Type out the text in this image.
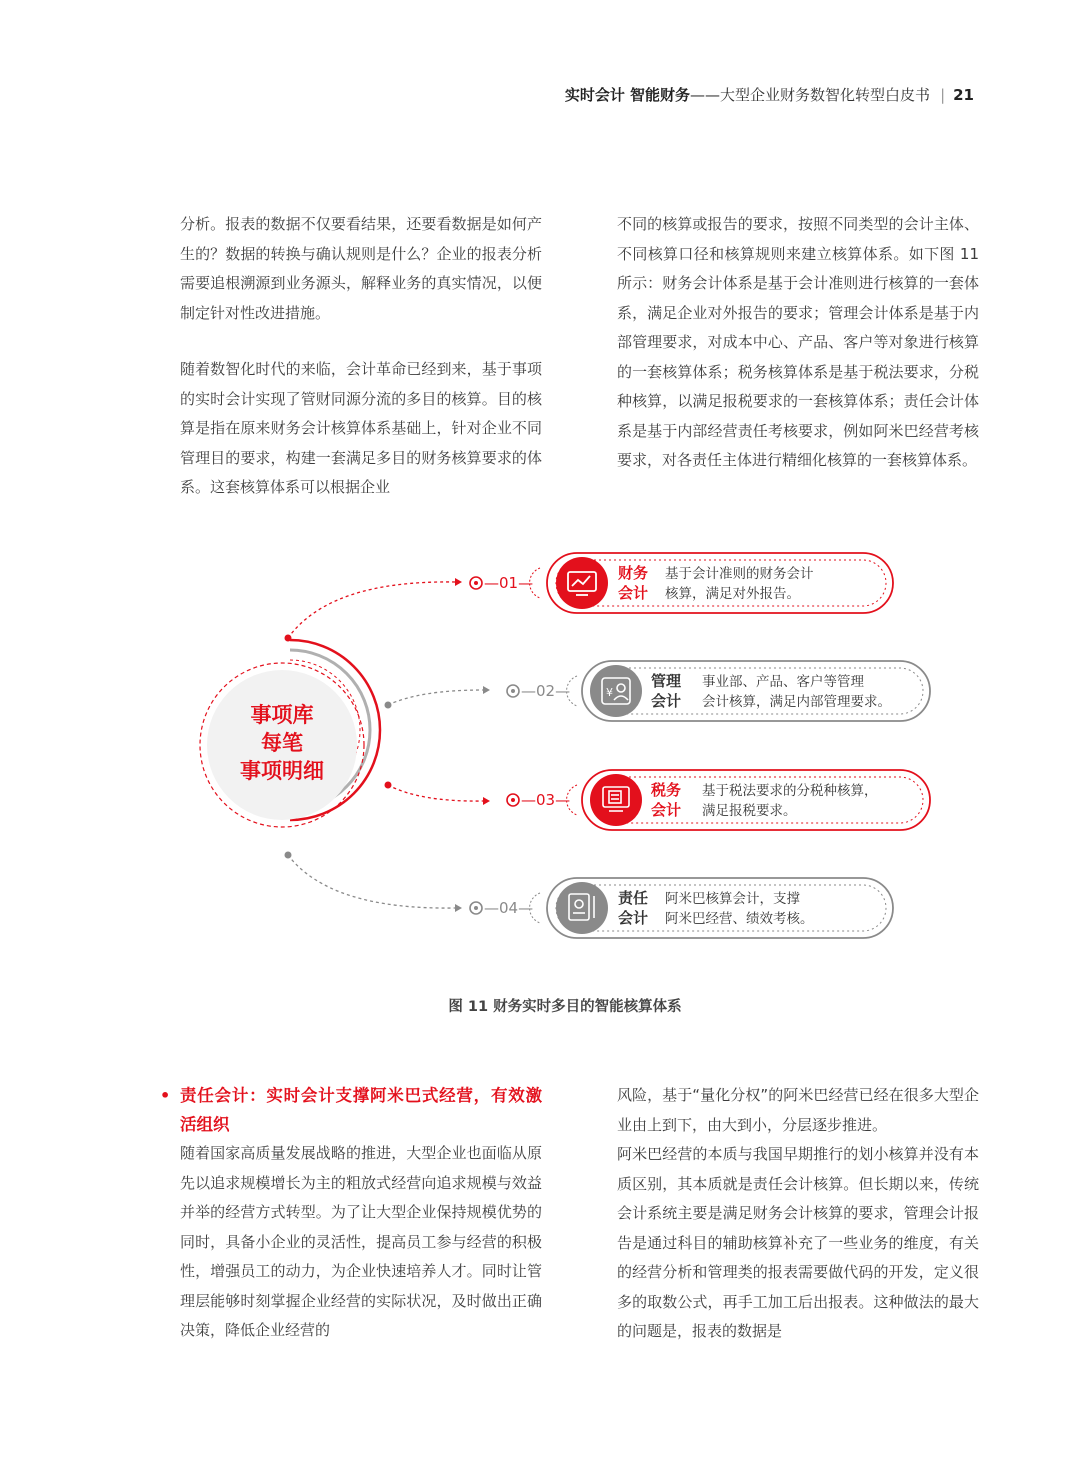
实时会计 智能财务——大型企业财务数智化转型白皮书 | 21

分析。报表的数据不仅要看结果，还要看数据是如何产生的？数据的转换与确认规则是什么？企业的报表分析需要追根溯源到业务源头，解释业务的真实情况，以便制定针对性改进措施。

随着数智化时代的来临，会计革命已经到来，基于事项的实时会计实现了管财同源分流的多目的核算。目的核算是指在原来财务会计核算体系基础上，针对企业不同管理目的要求，构建一套满足多目的财务核算要求的体系。这套核算体系可以根据企业

不同的核算或报告的要求，按照不同类型的会计主体、不同核算口径和核算规则来建立核算体系。如下图 11 所示：财务会计体系是基于会计准则进行核算的一套体系，满足企业对外报告的要求；管理会计体系是基于内部管理要求，对成本中心、产品、客户等对象进行核算的一套核算体系；税务核算体系是基于税法要求，分税种核算，以满足报税要求的一套核算体系；责任会计体系是基于内部经营责任考核要求，例如阿米巴经营考核要求，对各责任主体进行精细化核算的一套核算体系。

事项库
每笔
事项明细
—01—
财务
会计
基于会计准则的财务会计
核算，满足对外报告。
—02—	¥
管理
会计
事业部、产品、客户等管理
会计核算，满足内部管理要求。
—03—
税务
会计
基于税法要求的分税种核算，
满足报税要求。
—04—
责任
会计
阿米巴核算会计，支撑
阿米巴经营、绩效考核。
图 11 财务实时多目的智能核算体系
• 责任会计：实时会计支撑阿米巴式经营，有效激活组织

随着国家高质量发展战略的推进，大型企业也面临从原先以追求规模增长为主的粗放式经营向追求规模与效益并举的经营方式转型。为了让大型企业保持规模优势的同时，具备小企业的灵活性，提高员工参与经营的积极性，增强员工的动力，为企业快速培养人才。同时让管理层能够时刻掌握企业经营的实际状况，及时做出正确决策，降低企业经营的

风险，基于“量化分权”的阿米巴经营已经在很多大型企业由上到下，由大到小，分层逐步推进。

阿米巴经营的本质与我国早期推行的划小核算并没有本质区别，其本质就是责任会计核算。但长期以来，传统会计系统主要是满足财务会计核算的要求，管理会计报告是通过科目的辅助核算补充了一些业务的维度，有关的经营分析和管理类的报表需要做代码的开发，定义很多的取数公式，再手工加工后出报表。这种做法的最大的问题是，报表的数据是
